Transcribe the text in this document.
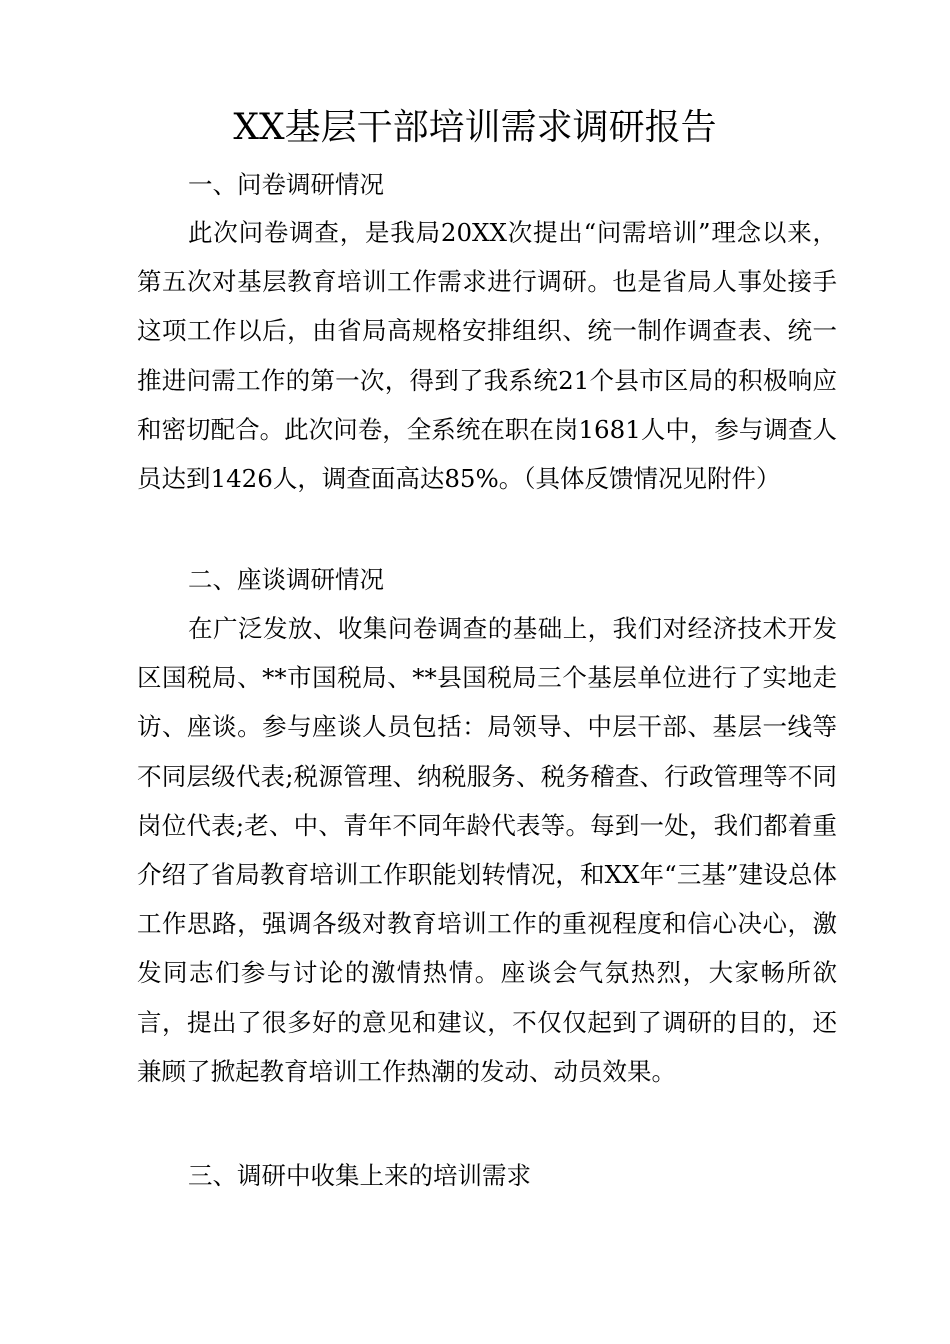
XX基层干部培训需求调研报告

一、问卷调研情况

此次问卷调查，是我局20XX次提出“问需培训”理念以来，第五次对基层教育培训工作需求进行调研。也是省局人事处接手这项工作以后，由省局高规格安排组织、统一制作调查表、统一推进问需工作的第一次，得到了我系统21个县市区局的积极响应和密切配合。此次问卷，全系统在职在岗1681人中，参与调查人员达到1426人，调查面高达85%。（具体反馈情况见附件）

二、座谈调研情况

在广泛发放、收集问卷调查的基础上，我们对经济技术开发区国税局、**市国税局、**县国税局三个基层单位进行了实地走访、座谈。参与座谈人员包括：局领导、中层干部、基层一线等不同层级代表;税源管理、纳税服务、税务稽查、行政管理等不同岗位代表;老、中、青年不同年龄代表等。每到一处，我们都着重介绍了省局教育培训工作职能划转情况，和XX年“三基”建设总体工作思路，强调各级对教育培训工作的重视程度和信心决心，激发同志们参与讨论的激情热情。座谈会气氛热烈，大家畅所欲言，提出了很多好的意见和建议，不仅仅起到了调研的目的，还兼顾了掀起教育培训工作热潮的发动、动员效果。

三、调研中收集上来的培训需求
